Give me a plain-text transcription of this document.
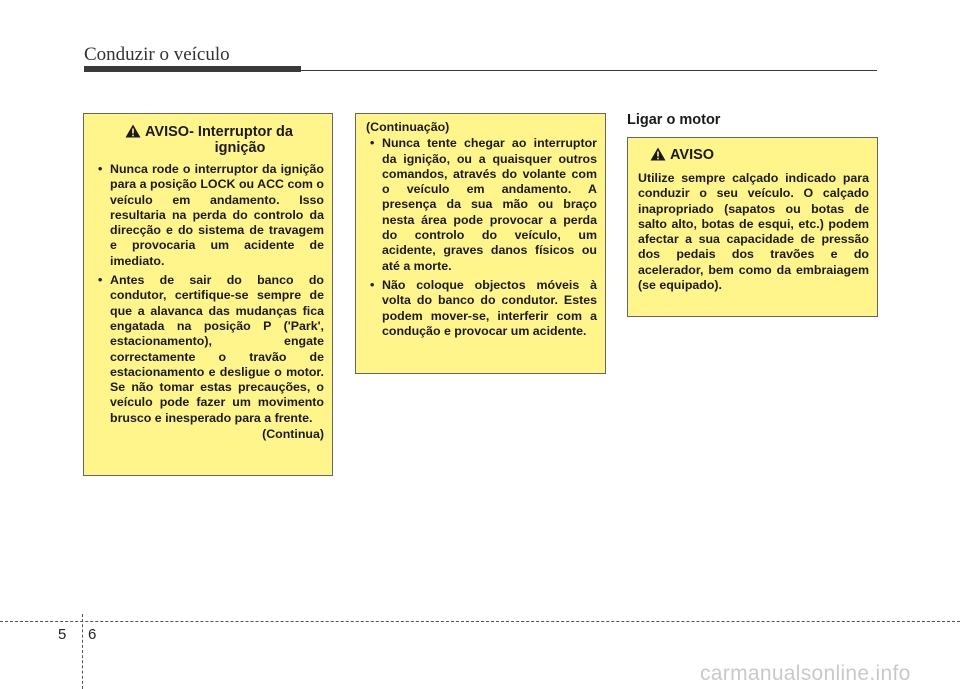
Conduzir o veículo
AVISO - Interruptor da
ignição
• Nunca rode o interruptor da ignição para a posição LOCK ou ACC com o veículo em andamento. Isso resultaria na perda do controlo da direcção e do sistema de travagem e provocaria um acidente de imediato.
• Antes de sair do banco do condutor, certifique-se sempre de que a alavanca das mudanças fica engatada na posição P ('Park', estacionamento), engate correctamente o travão de estacionamento e desligue o motor. Se não tomar estas precauções, o veículo pode fazer um movimento brusco e inesperado para a frente.
(Continua)
(Continuação)
• Nunca tente chegar ao interruptor da ignição, ou a quaisquer outros comandos, através do volante com o veículo em andamento. A presença da sua mão ou braço nesta área pode provocar a perda do controlo do veículo, um acidente, graves danos físicos ou até a morte.
• Não coloque objectos móveis à volta do banco do condutor. Estes podem mover-se, interferir com a condução e provocar um acidente.
Ligar o motor
AVISO
Utilize sempre calçado indicado para conduzir o seu veículo. O calçado inapropriado (sapatos ou botas de salto alto, botas de esqui, etc.) podem afectar a sua capacidade de pressão dos pedais dos travões e do acelerador, bem como da embraiagem (se equipado).
5 6
carmanualsonline.info
